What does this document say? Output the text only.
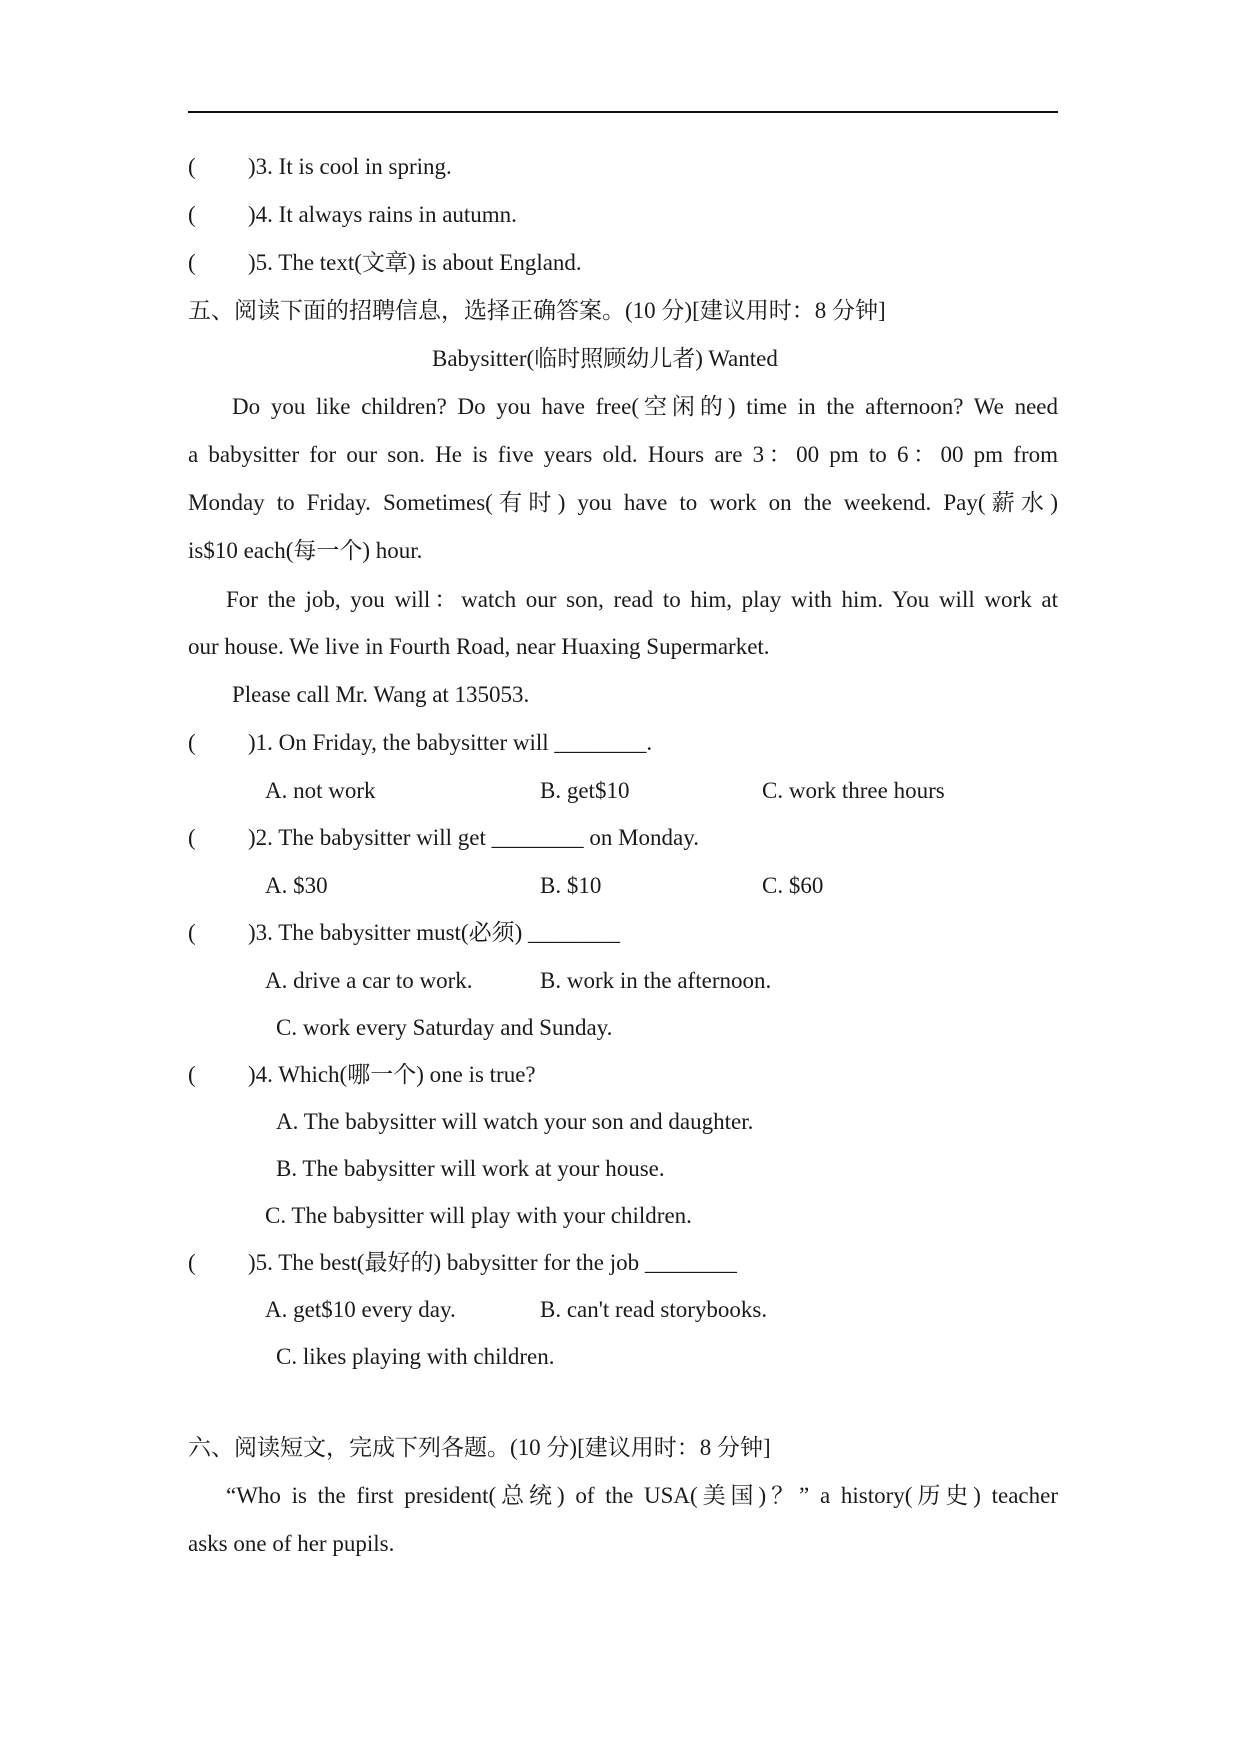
( )3. It is cool in spring.
( )4. It always rains in autumn.
( )5. The text(文章) is about England.
五、阅读下面的招聘信息，选择正确答案。(10 分)[建议用时：8 分钟]
Babysitter(临时照顾幼儿者) Wanted
Do you like children? Do you have free(空闲的) time in the afternoon? We need
a babysitter for our son. He is five years old. Hours are 3：00 pm to 6：00 pm from
Monday to Friday. Sometimes(有时) you have to work on the weekend. Pay(薪水)
is$10 each(每一个) hour.
For the job, you will：watch our son, read to him, play with him. You will work at
our house. We live in Fourth Road, near Huaxing Supermarket.
Please call Mr. Wang at 135053.
( )1. On Friday, the babysitter will ________.
A. not work	B. get$10	C. work three hours
( )2. The babysitter will get ________ on Monday.
A. $30	B. $10	C. $60
( )3. The babysitter must(必须) ________
A. drive a car to work.	B. work in the afternoon.
C. work every Saturday and Sunday.
( )4. Which(哪一个) one is true?
A. The babysitter will watch your son and daughter.
B. The babysitter will work at your house.
C. The babysitter will play with your children.
( )5. The best(最好的) babysitter for the job ________
A. get$10 every day.	B. can't read storybooks.
C. likes playing with children.
六、阅读短文，完成下列各题。(10 分)[建议用时：8 分钟]
“Who is the first president(总统) of the USA(美国)？” a history(历史) teacher
asks one of her pupils.
